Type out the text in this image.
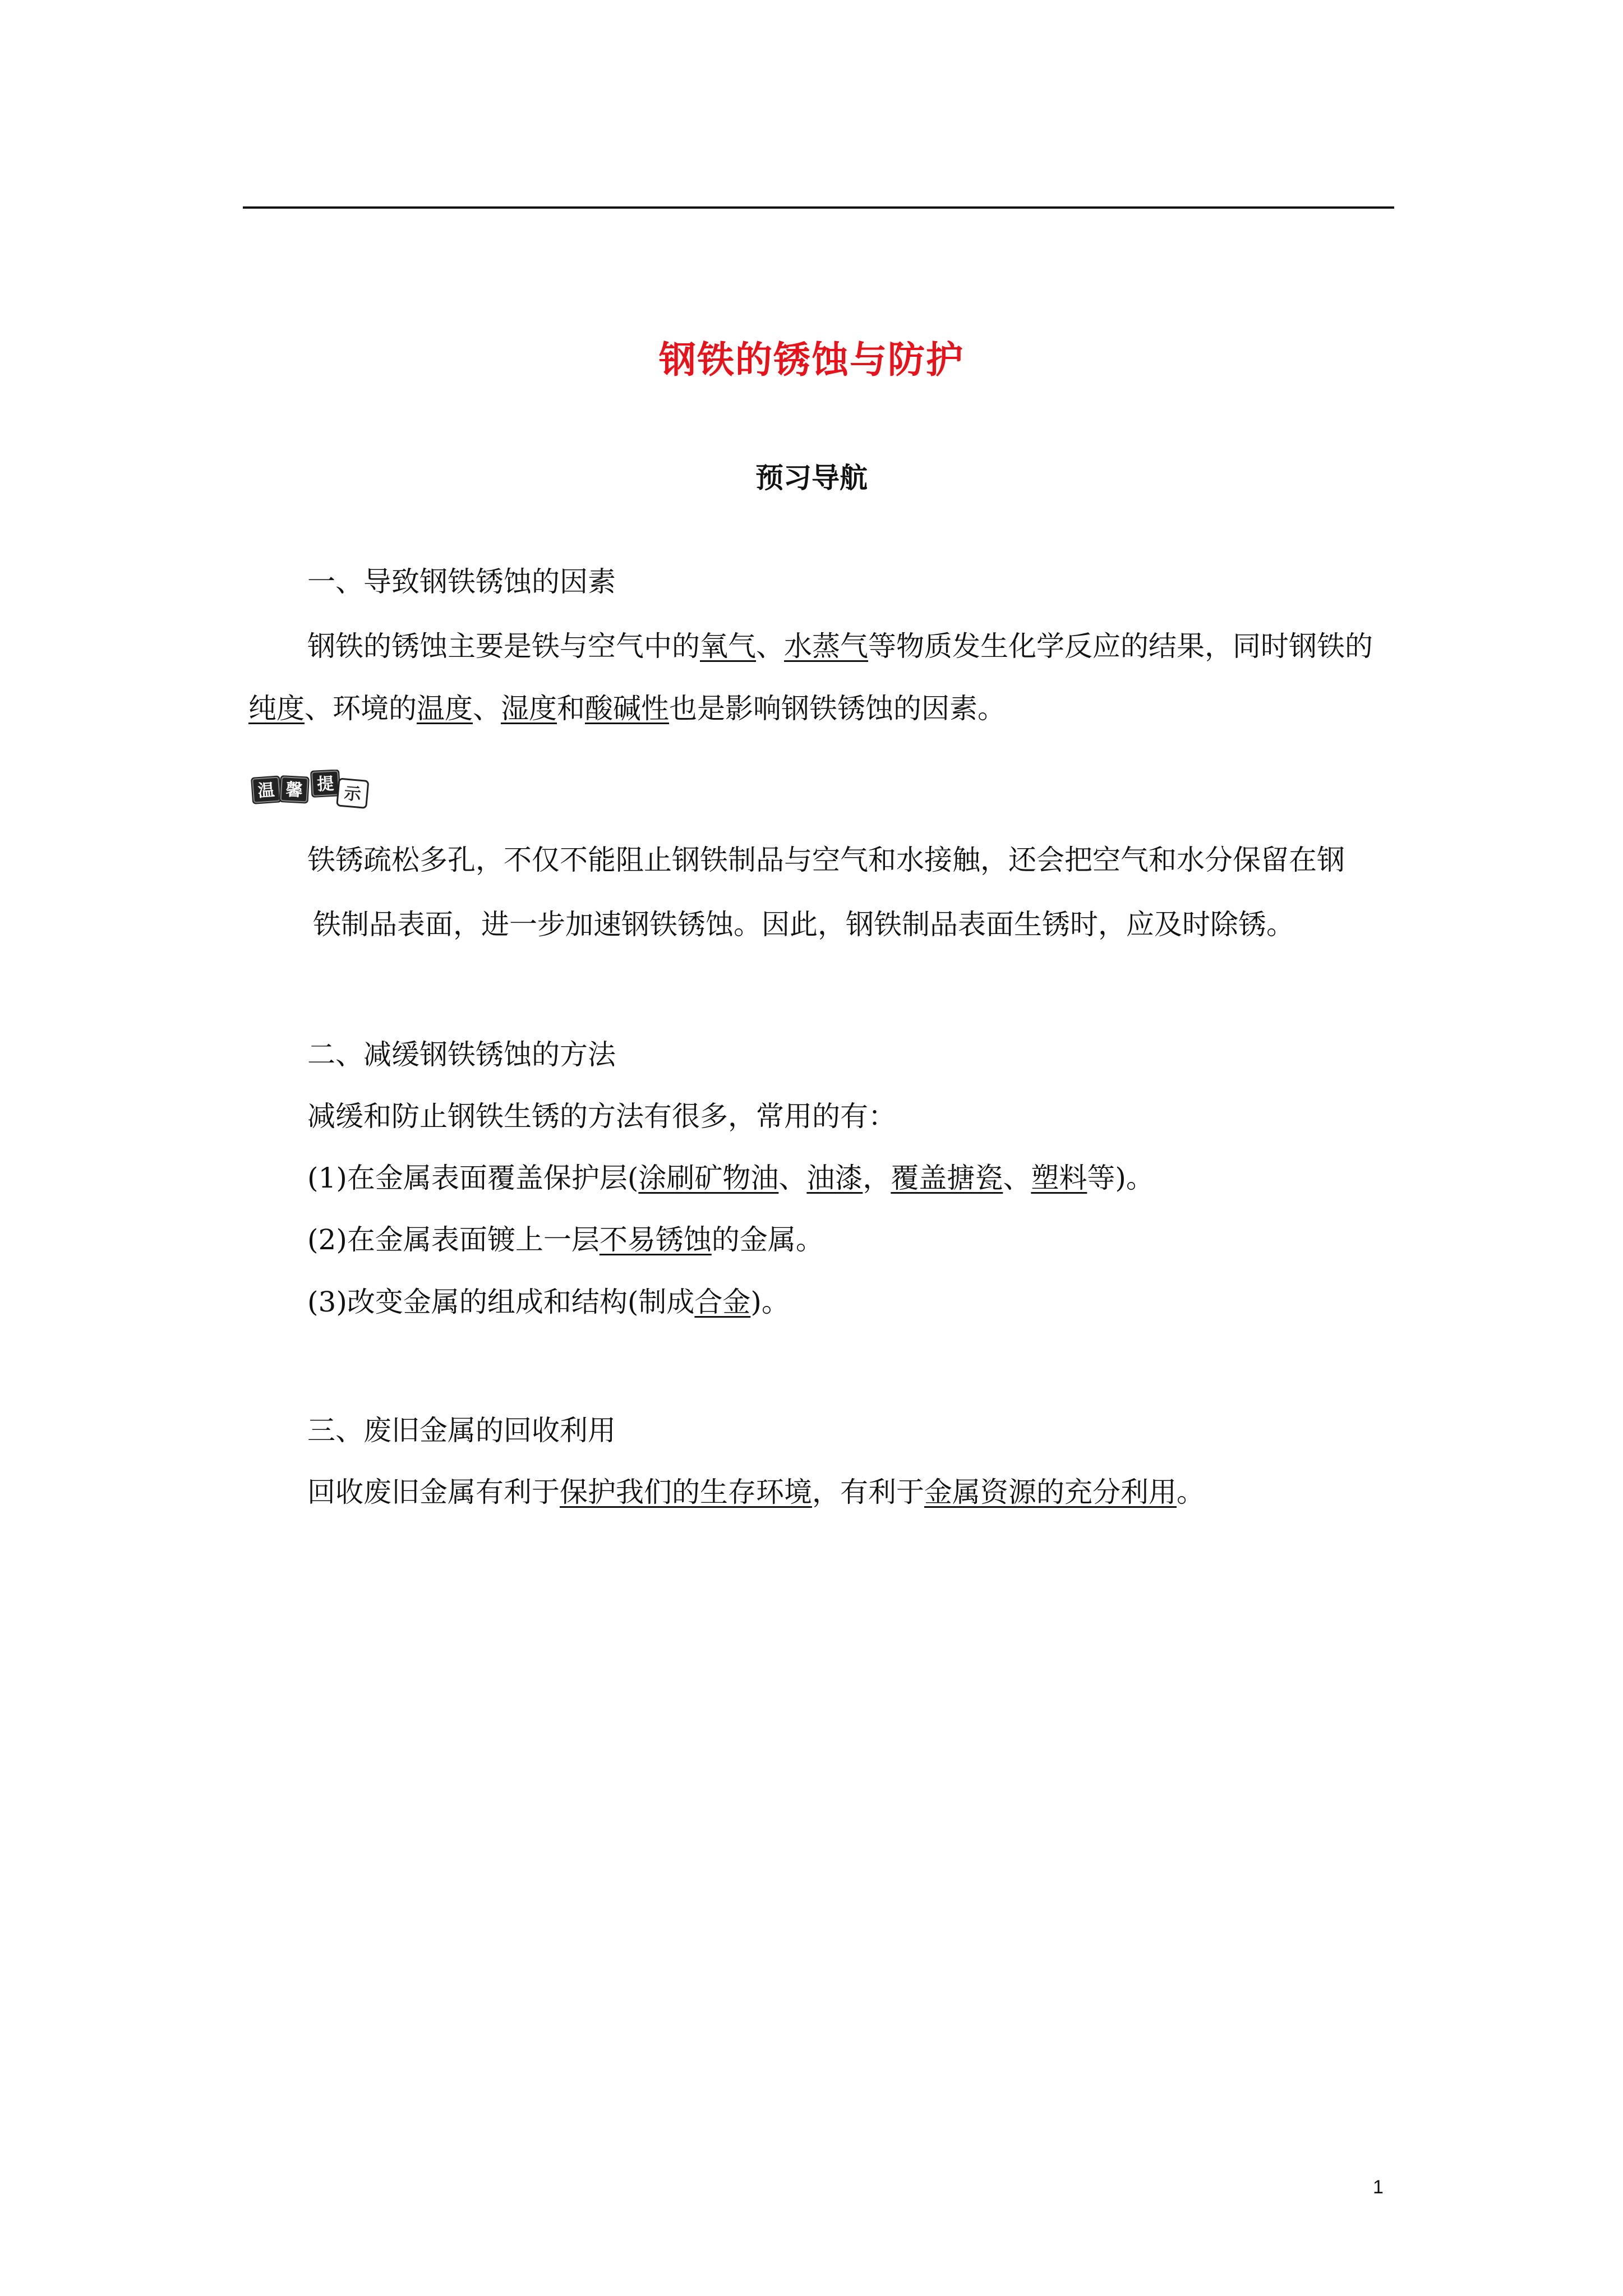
钢铁的锈蚀与防护
预习导航
一、导致钢铁锈蚀的因素
钢铁的锈蚀主要是铁与空气中的氧气、水蒸气等物质发生化学反应的结果，同时钢铁的
纯度、环境的温度、湿度和酸碱性也是影响钢铁锈蚀的因素。
温 馨 提 示
铁锈疏松多孔，不仅不能阻止钢铁制品与空气和水接触，还会把空气和水分保留在钢
铁制品表面，进一步加速钢铁锈蚀。因此，钢铁制品表面生锈时，应及时除锈。
二、减缓钢铁锈蚀的方法
减缓和防止钢铁生锈的方法有很多，常用的有：
(1)在金属表面覆盖保护层(涂刷矿物油、油漆，覆盖搪瓷、塑料等)。
(2)在金属表面镀上一层不易锈蚀的金属。
(3)改变金属的组成和结构(制成合金)。
三、废旧金属的回收利用
回收废旧金属有利于保护我们的生存环境，有利于金属资源的充分利用。
1
